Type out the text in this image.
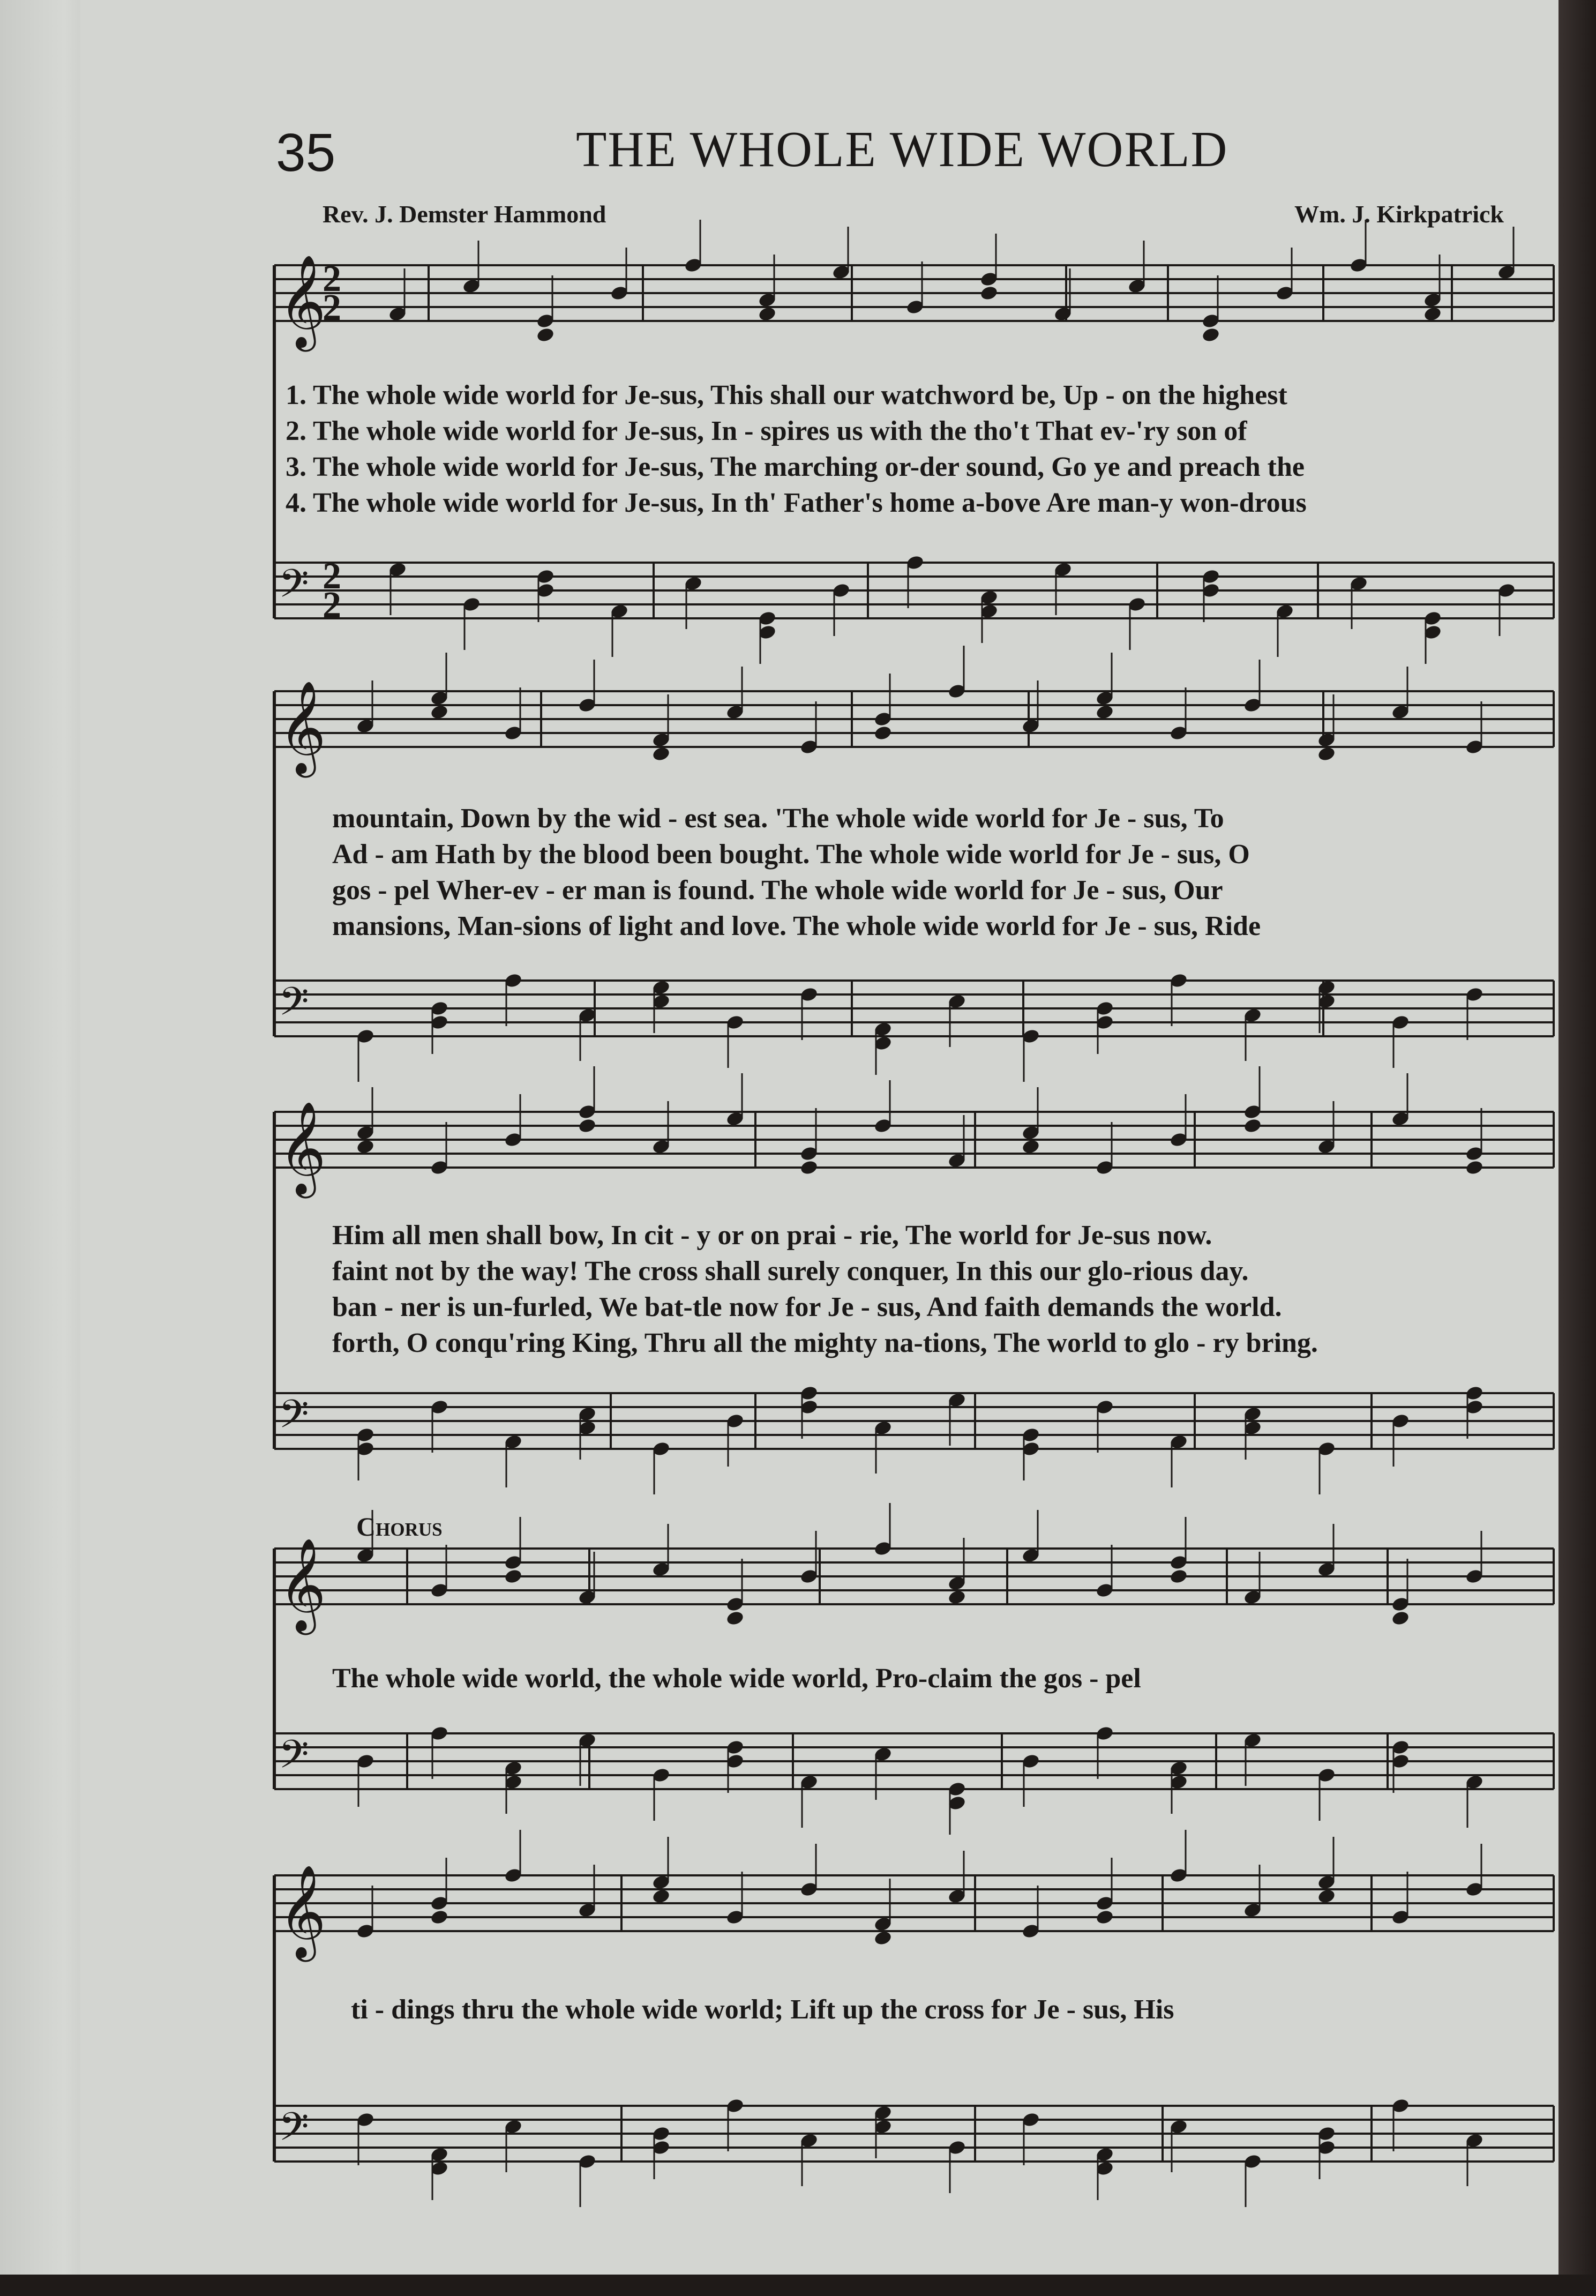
35	THE WHOLE WIDE WORLD
Rev. J. Demster Hammond	Wm. J. Kirkpatrick
𝄞
2
2
𝄢 2
2
𝄞
𝄢
𝄞
𝄢
𝄞
𝄢
𝄞
𝄢
1. The whole wide world for Je-sus, This shall our watchword be, Up - on the highest
2. The whole wide world for Je-sus, In - spires us with the tho't That ev-'ry son of
3. The whole wide world for Je-sus, The marching or-der sound, Go ye and preach the
4. The whole wide world for Je-sus, In th' Father's home a-bove Are man-y won-drous
mountain, Down by the wid - est sea. 'The whole wide world for Je - sus, To
Ad - am Hath by the blood been bought. The whole wide world for Je - sus, O
gos - pel Wher-ev - er man is found. The whole wide world for Je - sus, Our
mansions, Man-sions of light and love. The whole wide world for Je - sus, Ride
Him all men shall bow, In cit - y or on prai - rie, The world for Je-sus now.
faint not by the way! The cross shall surely conquer, In this our glo-rious day.
ban - ner is un-furled, We bat-tle now for Je - sus, And faith demands the world.
forth, O conqu'ring King, Thru all the mighty na-tions, The world to glo - ry bring.
Chorus
The whole wide world, the whole wide world, Pro-claim the gos - pel
ti - dings thru the whole wide world; Lift up the cross for Je - sus, His
